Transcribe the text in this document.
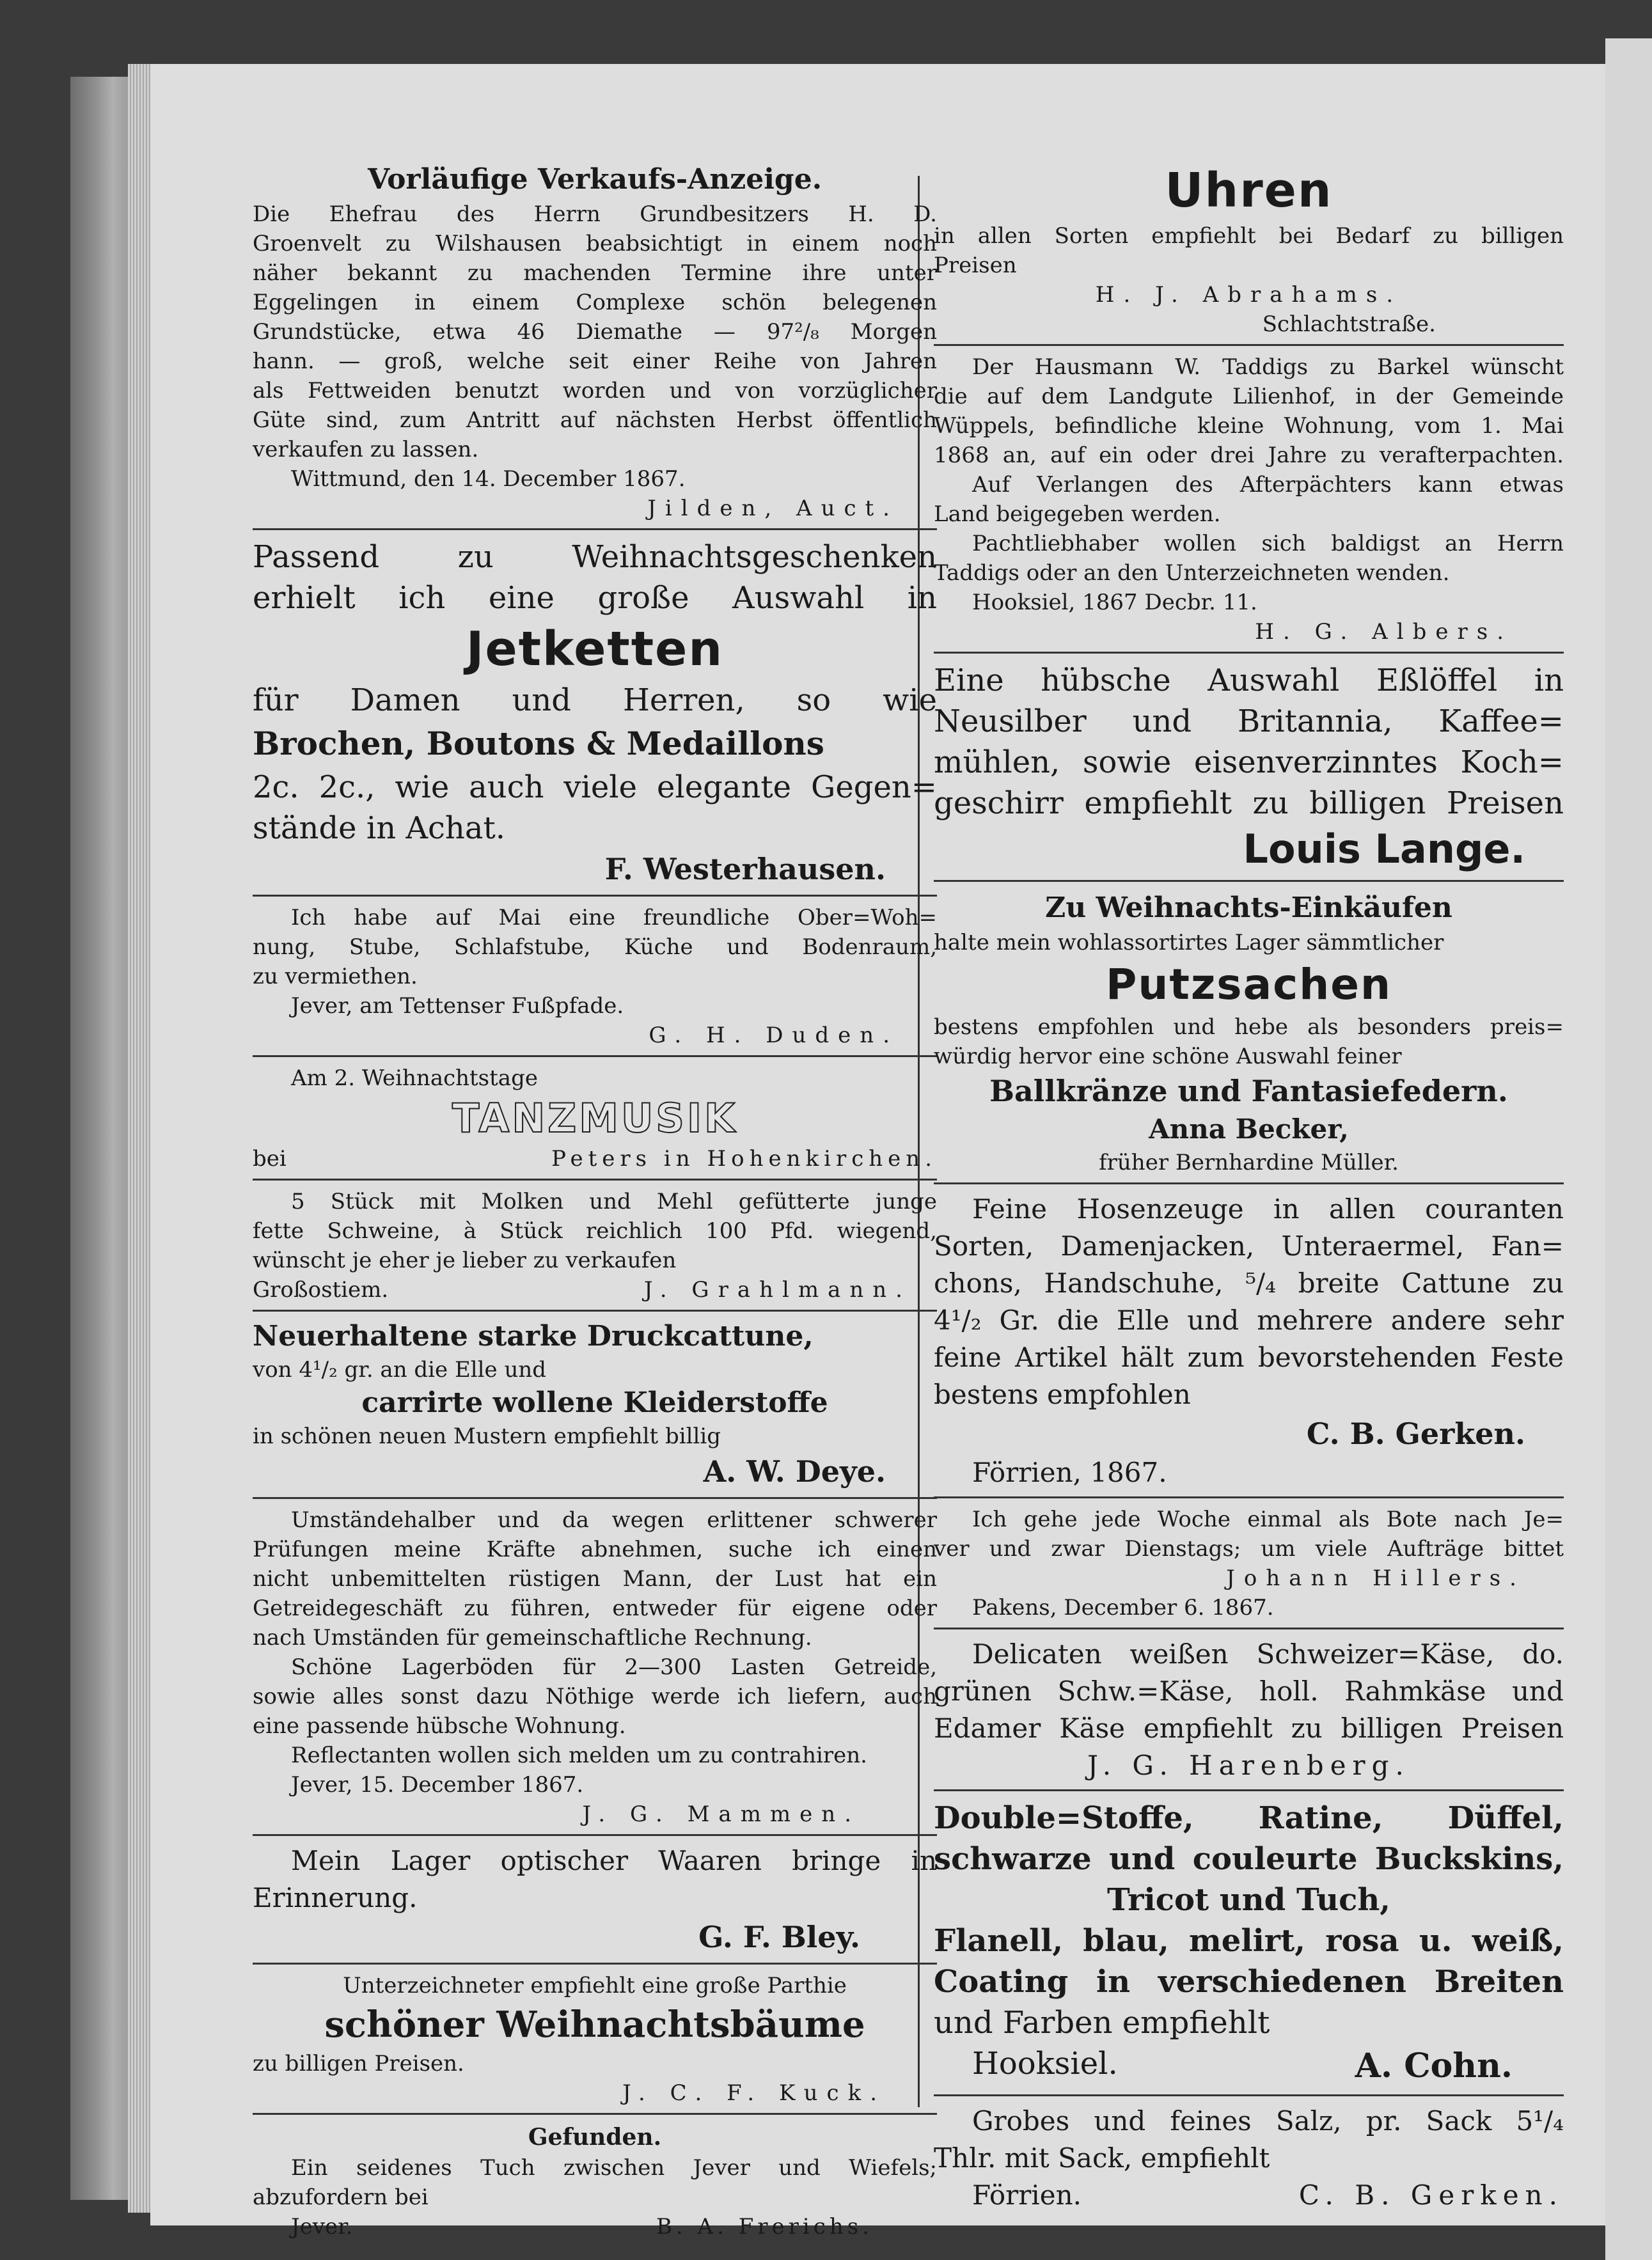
Vorläufige Verkaufs-Anzeige.

Die Ehefrau des Herrn Grundbesitzers H. D.

Groenvelt zu Wilshausen beabsichtigt in einem noch

näher bekannt zu machenden Termine ihre unter

Eggelingen in einem Complexe schön belegenen

Grundstücke, etwa 46 Diemathe — 97²/₈ Morgen

hann. — groß, welche seit einer Reihe von Jahren

als Fettweiden benutzt worden und von vorzüglicher

Güte sind, zum Antritt auf nächsten Herbst öffentlich

verkaufen zu lassen.

Wittmund, den 14. December 1867.

Jilden, Auct.

Passend zu Weihnachtsgeschenken

erhielt ich eine große Auswahl in

Jetketten

für Damen und Herren, so wie

Brochen, Boutons & Medaillons

2c. 2c., wie auch viele elegante Gegen=

stände in Achat.

F. Westerhausen.

Ich habe auf Mai eine freundliche Ober=Woh=

nung, Stube, Schlafstube, Küche und Bodenraum,

zu vermiethen.

Jever, am Tettenser Fußpfade.

G. H. Duden.

Am 2. Weihnachtstage

TANZMUSIK

bei	Peters in Hohenkirchen.

5 Stück mit Molken und Mehl gefütterte junge

fette Schweine, à Stück reichlich 100 Pfd. wiegend,

wünscht je eher je lieber zu verkaufen

Großostiem.	J. Grahlmann.

Neuerhaltene starke Druckcattune,

von 4¹/₂ gr. an die Elle und

carrirte wollene Kleiderstoffe

in schönen neuen Mustern empfiehlt billig

A. W. Deye.

Umständehalber und da wegen erlittener schwerer

Prüfungen meine Kräfte abnehmen, suche ich einen

nicht unbemittelten rüstigen Mann, der Lust hat ein

Getreidegeschäft zu führen, entweder für eigene oder

nach Umständen für gemeinschaftliche Rechnung.

Schöne Lagerböden für 2—300 Lasten Getreide,

sowie alles sonst dazu Nöthige werde ich liefern, auch

eine passende hübsche Wohnung.

Reflectanten wollen sich melden um zu contrahiren.

Jever, 15. December 1867.

J. G. Mammen.

Mein Lager optischer Waaren bringe in

Erinnerung.

G. F. Bley.

Unterzeichneter empfiehlt eine große Parthie

schöner Weihnachtsbäume

zu billigen Preisen.

J. C. F. Kuck.

Gefunden.

Ein seidenes Tuch zwischen Jever und Wiefels;

abzufordern bei

Jever.	B. A. Frerichs.

Uhren

in allen Sorten empfiehlt bei Bedarf zu billigen

Preisen

H. J. Abrahams.

Schlachtstraße.

Der Hausmann W. Taddigs zu Barkel wünscht

die auf dem Landgute Lilienhof, in der Gemeinde

Wüppels, befindliche kleine Wohnung, vom 1. Mai

1868 an, auf ein oder drei Jahre zu verafterpachten.

Auf Verlangen des Afterpächters kann etwas

Land beigegeben werden.

Pachtliebhaber wollen sich baldigst an Herrn

Taddigs oder an den Unterzeichneten wenden.

Hooksiel, 1867 Decbr. 11.

H. G. Albers.

Eine hübsche Auswahl Eßlöffel in

Neusilber und Britannia, Kaffee=

mühlen, sowie eisenverzinntes Koch=

geschirr empfiehlt zu billigen Preisen

Louis Lange.

Zu Weihnachts-Einkäufen

halte mein wohlassortirtes Lager sämmtlicher

Putzsachen

bestens empfohlen und hebe als besonders preis=

würdig hervor eine schöne Auswahl feiner

Ballkränze und Fantasiefedern.

Anna Becker,

früher Bernhardine Müller.

Feine Hosenzeuge in allen couranten

Sorten, Damenjacken, Unteraermel, Fan=

chons, Handschuhe, ⁵/₄ breite Cattune zu

4¹/₂ Gr. die Elle und mehrere andere sehr

feine Artikel hält zum bevorstehenden Feste

bestens empfohlen

C. B. Gerken.

Förrien, 1867.

Ich gehe jede Woche einmal als Bote nach Je=

ver und zwar Dienstags; um viele Aufträge bittet

Johann Hillers.

Pakens, December 6. 1867.

Delicaten weißen Schweizer=Käse, do.

grünen Schw.=Käse, holl. Rahmkäse und

Edamer Käse empfiehlt zu billigen Preisen

J. G. Harenberg.

Double=Stoffe, Ratine, Düffel,

schwarze und couleurte Buckskins,

Tricot und Tuch,

Flanell, blau, melirt, rosa u. weiß,

Coating in verschiedenen Breiten

und Farben empfiehlt

Hooksiel.	A. Cohn.

Grobes und feines Salz, pr. Sack 5¹/₄

Thlr. mit Sack, empfiehlt

Förrien.	C. B. Gerken.
